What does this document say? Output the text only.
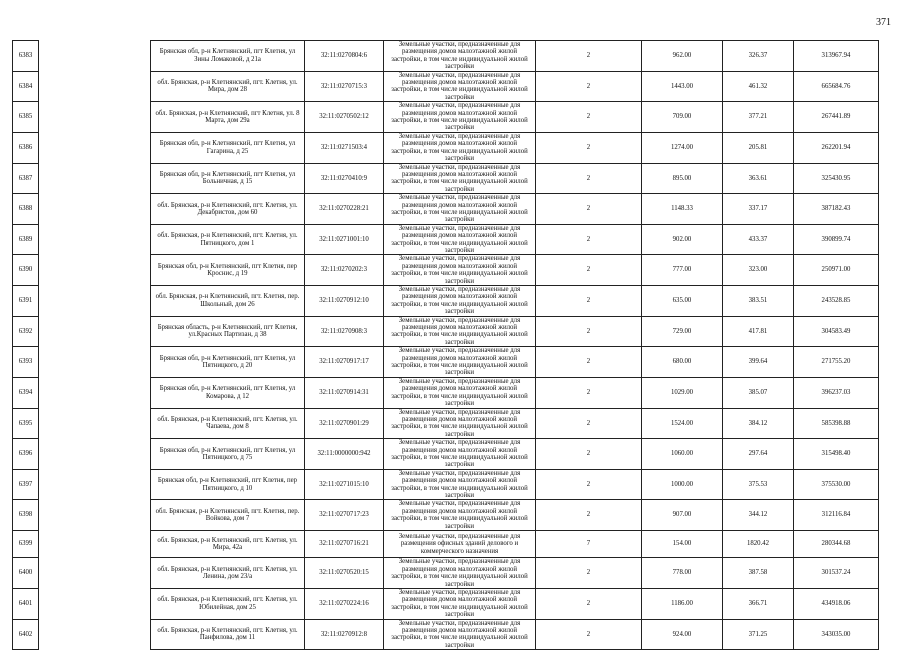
371
6383		Брянская обл, р-н Клетнянский, пгт Клетня, ул Зины Ломаковой, д 21а	32:11:0270804:6	Земельные участки, предназначенные для размещения домов малоэтажной жилой застройки, в том числе индивидуальной жилой застройки	2	962.00	326.37	313967.94
6384		обл. Брянская, р-н Клетнянский, пгт. Клетня, ул. Мира, дом 28	32:11:0270715:3	Земельные участки, предназначенные для размещения домов малоэтажной жилой застройки, в том числе индивидуальной жилой застройки	2	1443.00	461.32	665684.76
6385		обл. Брянская, р-н Клетнянский, пгт Клетня, ул. 8 Марта, дом 29а	32:11:0270502:12	Земельные участки, предназначенные для размещения домов малоэтажной жилой застройки, в том числе индивидуальной жилой застройки	2	709.00	377.21	267441.89
6386		Брянская обл, р-н Клетнянский, пгт Клетня, ул Гагарина, д 25	32:11:0271503:4	Земельные участки, предназначенные для размещения домов малоэтажной жилой застройки, в том числе индивидуальной жилой застройки	2	1274.00	205.81	262201.94
6387		Брянская обл, р-н Клетнянский, пгт Клетня, ул Больничная, д 15	32:11:0270410:9	Земельные участки, предназначенные для размещения домов малоэтажной жилой застройки, в том числе индивидуальной жилой застройки	2	895.00	363.61	325430.95
6388		обл. Брянская, р-н Клетнянский, пгт. Клетня, ул. Декабристов, дом 60	32:11:0270228:21	Земельные участки, предназначенные для размещения домов малоэтажной жилой застройки, в том числе индивидуальной жилой застройки	2	1148.33	337.17	387182.43
6389		обл. Брянская, р-н Клетнянский, пгт. Клетня, ул. Пятницкого, дом 1	32:11:0271001:10	Земельные участки, предназначенные для размещения домов малоэтажной жилой застройки, в том числе индивидуальной жилой застройки	2	902.00	433.37	390899.74
6390		Брянская обл, р-н Клетнянский, пгт Клетня, пер Кроснис, д 19	32:11:0270202:3	Земельные участки, предназначенные для размещения домов малоэтажной жилой застройки, в том числе индивидуальной жилой застройки	2	777.00	323.00	250971.00
6391		обл. Брянская, р-н Клетнянский, пгт. Клетня, пер. Школьный, дом 26	32:11:0270912:10	Земельные участки, предназначенные для размещения домов малоэтажной жилой застройки, в том числе индивидуальной жилой застройки	2	635.00	383.51	243528.85
6392		Брянская область, р-н Клетнянский, пгт Клетня, ул.Красных Партизан, д 38	32:11:0270908:3	Земельные участки, предназначенные для размещения домов малоэтажной жилой застройки, в том числе индивидуальной жилой застройки	2	729.00	417.81	304583.49
6393		Брянская обл, р-н Клетнянский, пгт Клетня, ул Пятницкого, д 20	32:11:0270917:17	Земельные участки, предназначенные для размещения домов малоэтажной жилой застройки, в том числе индивидуальной жилой застройки	2	680.00	399.64	271755.20
6394		Брянская обл, р-н Клетнянский, пгт Клетня, ул Комарова, д 12	32:11:0270914:31	Земельные участки, предназначенные для размещения домов малоэтажной жилой застройки, в том числе индивидуальной жилой застройки	2	1029.00	385.07	396237.03
6395		обл. Брянская, р-н Клетнянский, пгт. Клетня, ул. Чапаева, дом 8	32:11:0270901:29	Земельные участки, предназначенные для размещения домов малоэтажной жилой застройки, в том числе индивидуальной жилой застройки	2	1524.00	384.12	585398.88
6396		Брянская обл, р-н Клетнянский, пгт Клетня, ул Пятницкого, д 75	32:11:0000000:942	Земельные участки, предназначенные для размещения домов малоэтажной жилой застройки, в том числе индивидуальной жилой застройки	2	1060.00	297.64	315498.40
6397		Брянская обл, р-н Клетнянский, пгт Клетня, пер Пятницкого, д 10	32:11:0271015:10	Земельные участки, предназначенные для размещения домов малоэтажной жилой застройки, в том числе индивидуальной жилой застройки	2	1000.00	375.53	375530.00
6398		обл. Брянская, р-н Клетнянский, пгт. Клетня, пер. Войкова, дом 7	32:11:0270717:23	Земельные участки, предназначенные для размещения домов малоэтажной жилой застройки, в том числе индивидуальной жилой застройки	2	907.00	344.12	312116.84
6399		обл. Брянская, р-н Клетнянский, пгт. Клетня, ул. Мира, 42а	32:11:0270716:21	Земельные участки, предназначенные для размещения офисных зданий делового и коммерческого назначения	7	154.00	1820.42	280344.68
6400		обл. Брянская, р-н Клетнянский, пгт. Клетня, ул. Ленина, дом 23/а	32:11:0270520:15	Земельные участки, предназначенные для размещения домов малоэтажной жилой застройки, в том числе индивидуальной жилой застройки	2	778.00	387.58	301537.24
6401		обл. Брянская, р-н Клетнянский, пгт. Клетня, ул. Юбилейная, дом 25	32:11:0270224:16	Земельные участки, предназначенные для размещения домов малоэтажной жилой застройки, в том числе индивидуальной жилой застройки	2	1186.00	366.71	434918.06
6402		обл. Брянская, р-н Клетнянский, пгт. Клетня, ул. Панфилова, дом 11	32:11:0270912:8	Земельные участки, предназначенные для размещения домов малоэтажной жилой застройки, в том числе индивидуальной жилой застройки	2	924.00	371.25	343035.00
